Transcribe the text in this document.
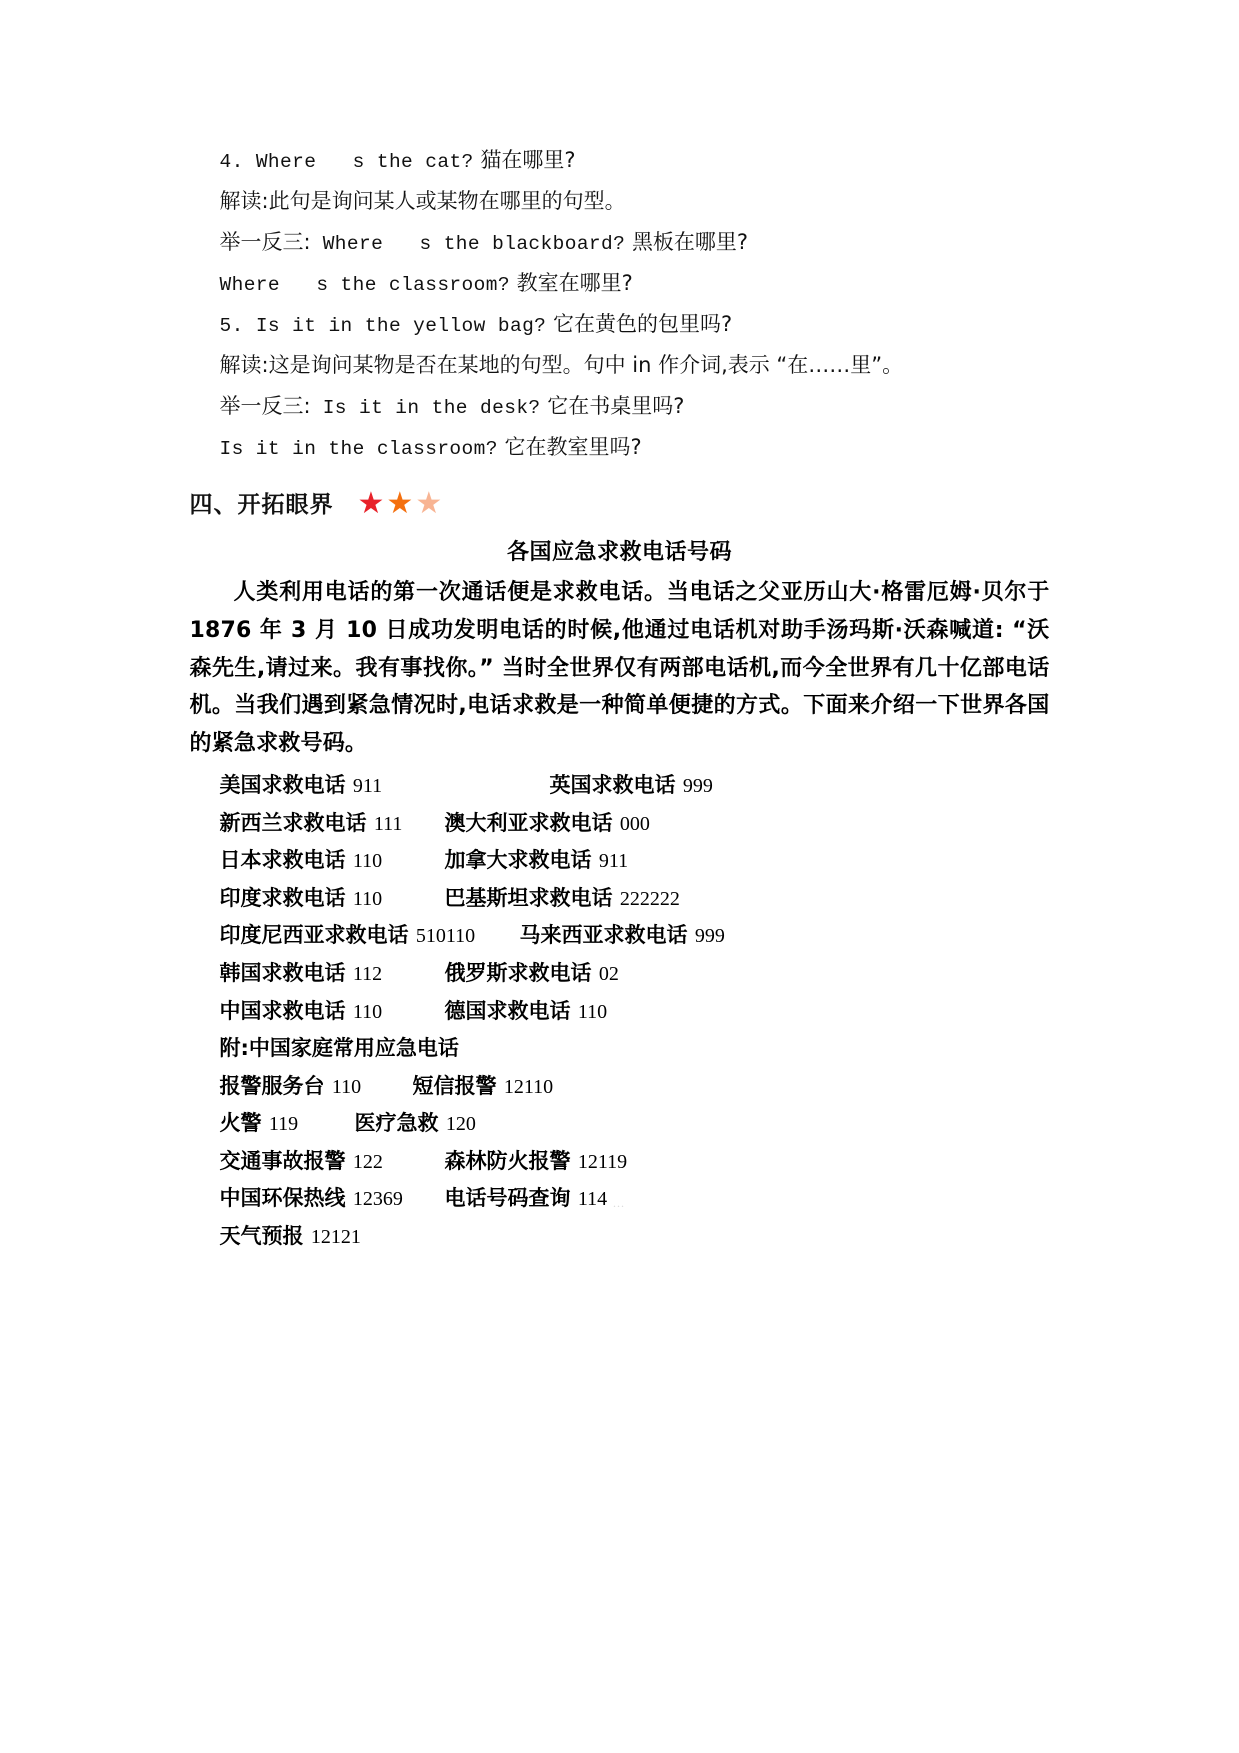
4. Where   s the cat? 猫在哪里?
解读:此句是询问某人或某物在哪里的句型。
举一反三: Where   s the blackboard? 黑板在哪里?
Where   s the classroom? 教室在哪里?
5. Is it in the yellow bag? 它在黄色的包里吗?
解读:这是询问某物是否在某地的句型。句中 in 作介词,表示 “在……里”。
举一反三: Is it in the desk? 它在书桌里吗?
Is it in the classroom? 它在教室里吗?
四、开拓眼界 ★ ★ ★
各国应急求救电话号码

人类利用电话的第一次通话便是求救电话。当电话之父亚历山大·格雷厄姆·贝尔于 1876 年 3 月 10 日成功发明电话的时候,他通过电话机对助手汤玛斯·沃森喊道: “沃森先生,请过来。我有事找你。” 当时全世界仅有两部电话机,而今全世界有几十亿部电话机。当我们遇到紧急情况时,电话求救是一种简单便捷的方式。下面来介绍一下世界各国的紧急求救号码。

美国求救电话 911	英国求救电话 999
新西兰求救电话 111 澳大利亚求救电话 000
日本求救电话 110	加拿大求救电话 911
印度求救电话 110	巴基斯坦求救电话 222222
印度尼西亚求救电话 510110 马来西亚求救电话 999
韩国求救电话 112	俄罗斯求救电话 02
中国求救电话 110	德国求救电话 110
附:中国家庭常用应急电话
报警服务台 110 短信报警 12110
火警 119	医疗急救 120
交通事故报警 122	森林防火报警 12119
中国环保热线 12369 电话号码查询 114
天气预报 12121
…
